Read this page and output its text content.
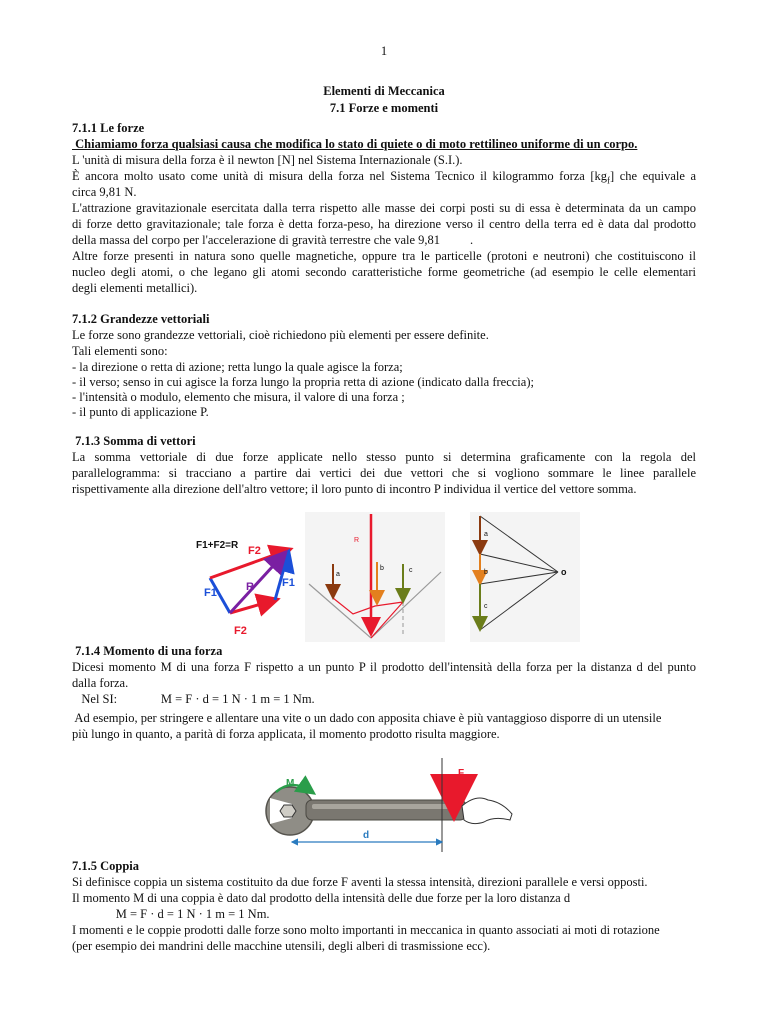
1
Elementi di Meccanica
7.1 Forze e momenti
7.1.1 Le forze
Chiamiamo forza qualsiasi causa che modifica lo stato di quiete o di moto rettilineo uniforme di un corpo.
L 'unità di misura della forza è il newton [N] nel Sistema Internazionale (S.I.).
È ancora molto usato come unità di misura della forza nel Sistema Tecnico il kilogrammo forza $[kg_f]$ che equivale a
circa 9,81 N.
L'attrazione gravitazionale esercitata dalla terra rispetto alle masse dei corpi posti su di essa è determinata da un campo
di forze detto gravitazionale; tale forza è detta forza-peso, ha direzione verso il centro della terra ed è data dal prodotto
della massa del corpo per l'accelerazione di gravità terrestre che vale 9,81 .
Altre forze presenti in natura sono quelle magnetiche, oppure tra le particelle (protoni e neutroni) che costituiscono il
nucleo degli atomi, o che legano gli atomi secondo caratteristiche forme geometriche (ad esempio le celle elementari
degli elementi metallici).
7.1.2 Grandezze vettoriali
Le forze sono grandezze vettoriali, cioè richiedono più elementi per essere definite.
Tali elementi sono:
- la direzione o retta di azione; retta lungo la quale agisce la forza;
- il verso; senso in cui agisce la forza lungo la propria retta di azione (indicato dalla freccia);
- l'intensità o modulo, elemento che misura, il valore di una forza ;
- il punto di applicazione P.
7.1.3 Somma di vettori
La somma vettoriale di due forze applicate nello stesso punto si determina graficamente con la regola del
parallelogramma: si tracciano a partire dai vertici dei due vettori che si vogliono sommare le linee parallele
rispettivamente alla direzione dell'altro vettore; il loro punto di incontro P individua il vertice del vettore somma.
F1+F2=R F2
F1
F1
F2
R
R
a
b	c
a
b
c
o
7.1.4 Momento di una forza
Dicesi momento M di una forza F rispetto a un punto P il prodotto dell'intensità della forza per la distanza d del punto
dalla forza.
Nel SI:              M = F · d = 1 N · 1 m = 1 Nm.
Ad esempio, per stringere e allentare una vite o un dado con apposita chiave è più vantaggioso disporre di un utensile
più lungo in quanto, a parità di forza applicata, il momento prodotto risulta maggiore.
M
F
d
7.1.5 Coppia
Si definisce coppia un sistema costituito da due forze F aventi la stessa intensità, direzioni parallele e versi opposti.
Il momento M di una coppia è dato dal prodotto della intensità delle due forze per la loro distanza d
M = F · d = 1 N · 1 m = 1 Nm.
I momenti e le coppie prodotti dalle forze sono molto importanti in meccanica in quanto associati ai moti di rotazione
(per esempio dei mandrini delle macchine utensili, degli alberi di trasmissione ecc).
